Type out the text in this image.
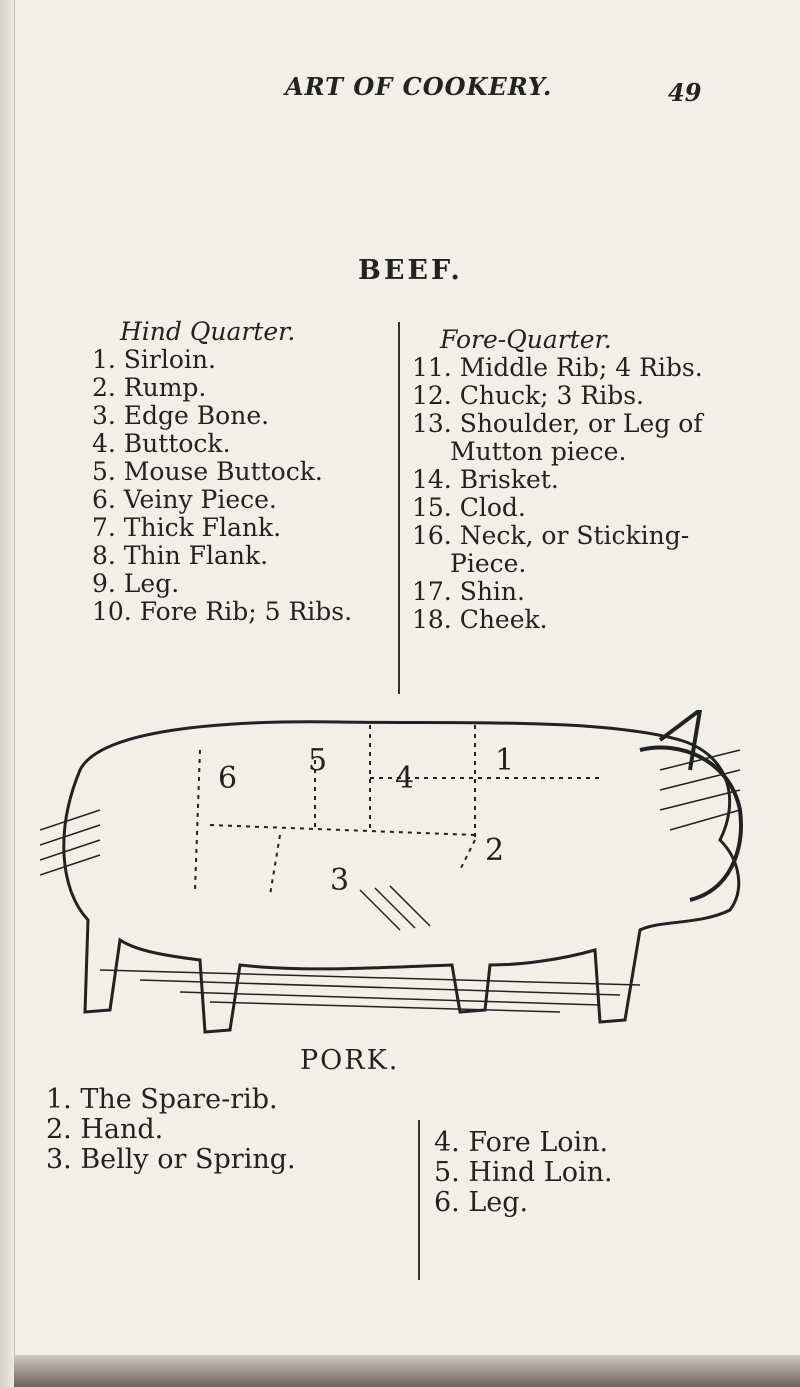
ART OF COOKERY.	49
BEEF.
Hind Quarter.
1. Sirloin.
2. Rump.
3. Edge Bone.
4. Buttock.
5. Mouse Buttock.
6. Veiny Piece.
7. Thick Flank.
8. Thin Flank.
9. Leg.
10. Fore Rib; 5 Ribs.
Fore-Quarter.
11. Middle Rib; 4 Ribs.
12. Chuck; 3 Ribs.
13. Shoulder, or Leg of
Mutton piece.
14. Brisket.
15. Clod.
16. Neck, or Sticking-
Piece.
17. Shin.
18. Cheek.
5
4
1
6
2
3
PORK.
1. The Spare-rib.
2. Hand.
3. Belly or Spring.
4. Fore Loin.
5. Hind Loin.
6. Leg.
